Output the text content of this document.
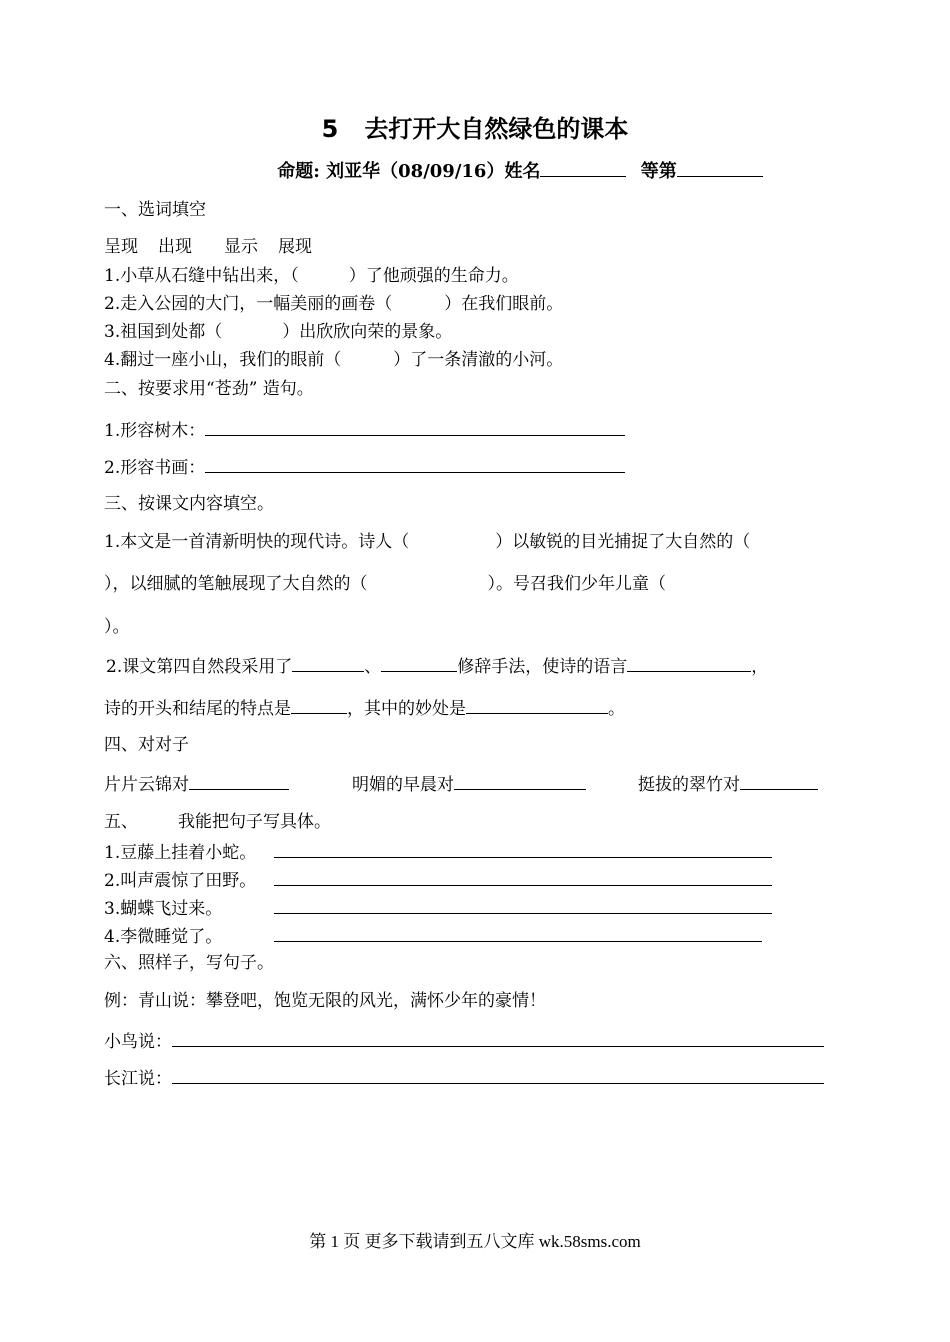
5 去打开大自然绿色的课本
命题: 刘亚华（08/09/16）姓名	等第
一、选词填空
呈现 出现 显示 展现
1.小草从石缝中钻出来，（	）了他顽强的生命力。
2.走入公园的大门，一幅美丽的画卷（	）在我们眼前。
3.祖国到处都（	）出欣欣向荣的景象。
4.翻过一座小山，我们的眼前（	）了一条清澈的小河。
二、按要求用“苍劲” 造句。
1.形容树木：
2.形容书画：
三、按课文内容填空。
1.本文是一首清新明快的现代诗。诗人（	）以敏锐的目光捕捉了大自然的（
），以细腻的笔触展现了大自然的（	）。号召我们少年儿童（
）。
2.课文第四自然段采用了	、	修辞手法，使诗的语言	，
诗的开头和结尾的特点是	，其中的妙处是	。
四、对对子
片片云锦对	明媚的早晨对	挺拔的翠竹对
五、 我能把句子写具体。
1.豆藤上挂着小蛇。
2.叫声震惊了田野。
3.蝴蝶飞过来。
4.李微睡觉了。
六、照样子，写句子。
例：青山说：攀登吧，饱览无限的风光，满怀少年的豪情！
小鸟说：
长江说：
第 1 页 更多下载请到五八文库 wk.58sms.com
